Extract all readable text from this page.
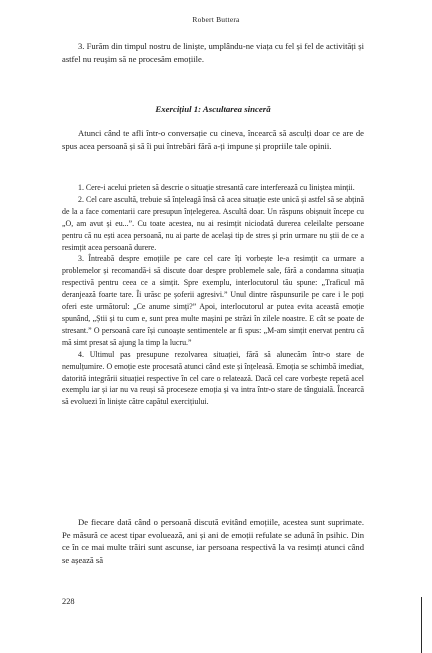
Robert Buttera

3. Furăm din timpul nostru de liniște, umplându-ne viața cu fel și fel de activități și astfel nu reușim să ne procesăm emoțiile.

Exercițiul 1: Ascultarea sinceră

Atunci când te afli într-o conversație cu cineva, încearcă să asculți doar ce are de spus acea persoană și să îi pui întrebări fără a-ți impune și propriile tale opinii.

1. Cere-i acelui prieten să descrie o situație stresantă care interferează cu liniștea minții.

2. Cel care ascultă, trebuie să înțeleagă însă că acea situație este unică și astfel să se abțină de la a face comentarii care presupun înțelegerea. Ascultă doar. Un răspuns obișnuit începe cu „O, am avut și eu...”. Cu toate acestea, nu ai resimțit niciodată durerea celeilalte persoane pentru că nu ești acea persoană, nu ai parte de același tip de stres și prin urmare nu știi de ce a resimțit acea persoană durere.

3. Întreabă despre emoțiile pe care cel care îți vorbește le-a resimțit ca urmare a problemelor și recomandă-i să discute doar despre problemele sale, fără a condamna situația respectivă pentru ceea ce a simțit. Spre exemplu, interlocutorul tău spune: „Traficul mă deranjează foarte tare. Îi urăsc pe șoferii agresivi.” Unul dintre răspunsurile pe care i le poți oferi este următorul: „Ce anume simți?” Apoi, interlocutorul ar putea evita această emoție spunând, „Știi și tu cum e, sunt prea multe mașini pe străzi în zilele noastre. E cât se poate de stresant.” O persoană care își cunoaște sentimentele ar fi spus: „M-am simțit enervat pentru că mă simt presat să ajung la timp la lucru.”

4. Ultimul pas presupune rezolvarea situației, fără să alunecăm într-o stare de nemulțumire. O emoție este procesată atunci când este și înțeleasă. Emoția se schimbă imediat, datorită integrării situației respective în cel care o relatează. Dacă cel care vorbește repetă acel exemplu iar și iar nu va reuși să proceseze emoția și va intra într-o stare de tânguială. Încearcă să evoluezi în liniște către capătul exercițiului.

De fiecare dată când o persoană discută evitând emoțiile, acestea sunt suprimate. Pe măsură ce acest tipar evoluează, ani și ani de emoții refulate se adună în psihic. Din ce în ce mai multe trăiri sunt ascunse, iar persoana respectivă la va resimți atunci când se așează să

228
